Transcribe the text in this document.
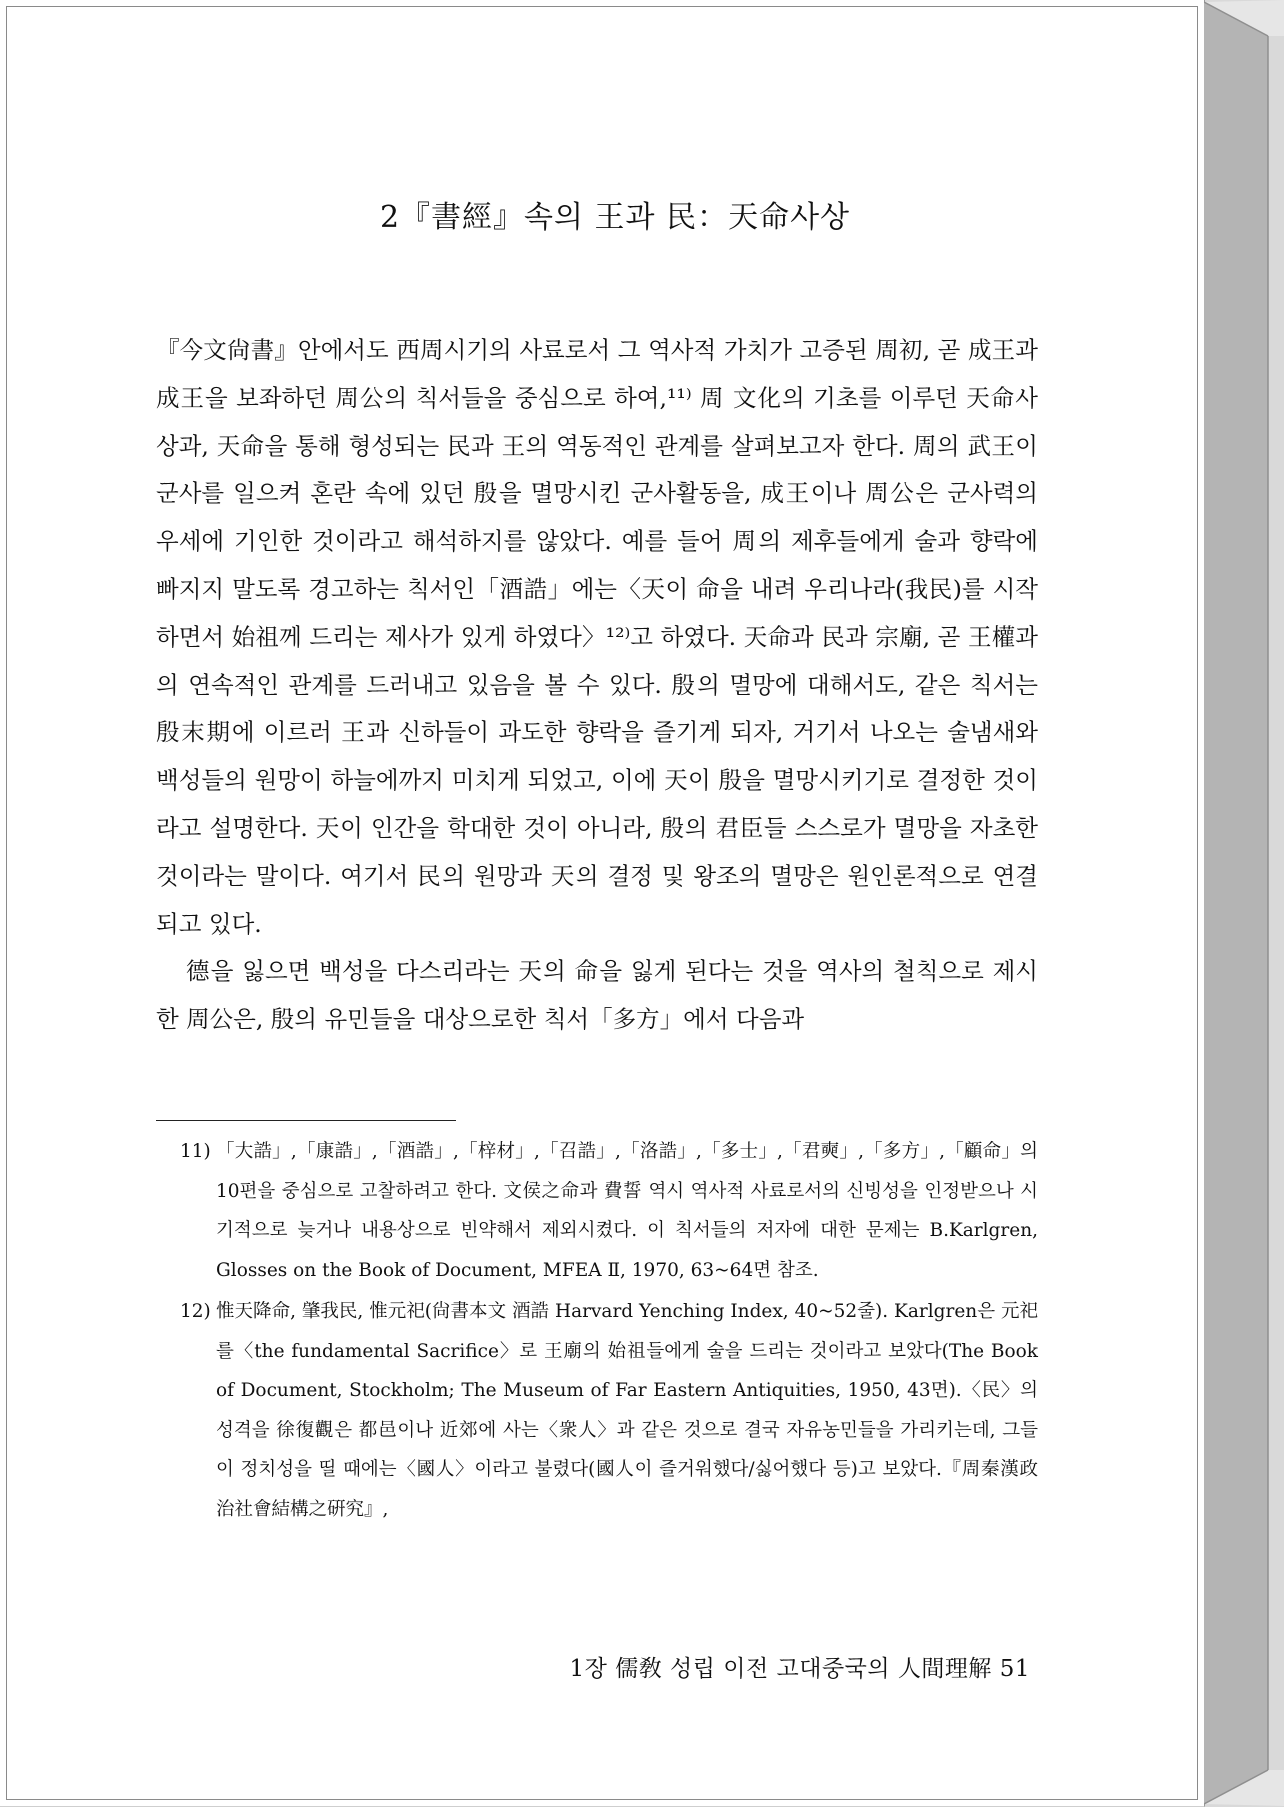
2『書經』속의 王과 民：天命사상

『今文尙書』안에서도 西周시기의 사료로서 그 역사적 가치가 고증된 周初, 곧 成王과 成王을 보좌하던 周公의 칙서들을 중심으로 하여,¹¹⁾ 周 文化의 기초를 이루던 天命사상과, 天命을 통해 형성되는 民과 王의 역동적인 관계를 살펴보고자 한다. 周의 武王이 군사를 일으켜 혼란 속에 있던 殷을 멸망시킨 군사활동을, 成王이나 周公은 군사력의 우세에 기인한 것이라고 해석하지를 않았다. 예를 들어 周의 제후들에게 술과 향락에 빠지지 말도록 경고하는 칙서인「酒誥」에는〈天이 命을 내려 우리나라(我民)를 시작하면서 始祖께 드리는 제사가 있게 하였다〉¹²⁾고 하였다. 天命과 民과 宗廟, 곧 王權과의 연속적인 관계를 드러내고 있음을 볼 수 있다. 殷의 멸망에 대해서도, 같은 칙서는 殷末期에 이르러 王과 신하들이 과도한 향락을 즐기게 되자, 거기서 나오는 술냄새와 백성들의 원망이 하늘에까지 미치게 되었고, 이에 天이 殷을 멸망시키기로 결정한 것이라고 설명한다. 天이 인간을 학대한 것이 아니라, 殷의 君臣들 스스로가 멸망을 자초한 것이라는 말이다. 여기서 民의 원망과 天의 결정 및 왕조의 멸망은 원인론적으로 연결되고 있다.

德을 잃으면 백성을 다스리라는 天의 命을 잃게 된다는 것을 역사의 철칙으로 제시한 周公은, 殷의 유민들을 대상으로한 칙서「多方」에서 다음과

11) 「大誥」,「康誥」,「酒誥」,「梓材」,「召誥」,「洛誥」,「多士」,「君奭」,「多方」,「顧命」의 10편을 중심으로 고찰하려고 한다. 文侯之命과 費誓 역시 역사적 사료로서의 신빙성을 인정받으나 시기적으로 늦거나 내용상으로 빈약해서 제외시켰다. 이 칙서들의 저자에 대한 문제는 B.Karlgren, Glosses on the Book of Document, MFEA Ⅱ, 1970, 63~64면 참조.
12) 惟天降命, 肇我民, 惟元祀(尙書本文 酒誥 Harvard Yenching Index, 40~52줄). Karlgren은 元祀를〈the fundamental Sacrifice〉로 王廟의 始祖들에게 술을 드리는 것이라고 보았다(The Book of Document, Stockholm; The Museum of Far Eastern Antiquities, 1950, 43면).〈民〉의 성격을 徐復觀은 都邑이나 近郊에 사는〈衆人〉과 같은 것으로 결국 자유농민들을 가리키는데, 그들이 정치성을 띨 때에는〈國人〉이라고 불렸다(國人이 즐거워했다/싫어했다 등)고 보았다.『周秦漢政治社會結構之硏究』,
1장 儒敎 성립 이전 고대중국의 人間理解 51
